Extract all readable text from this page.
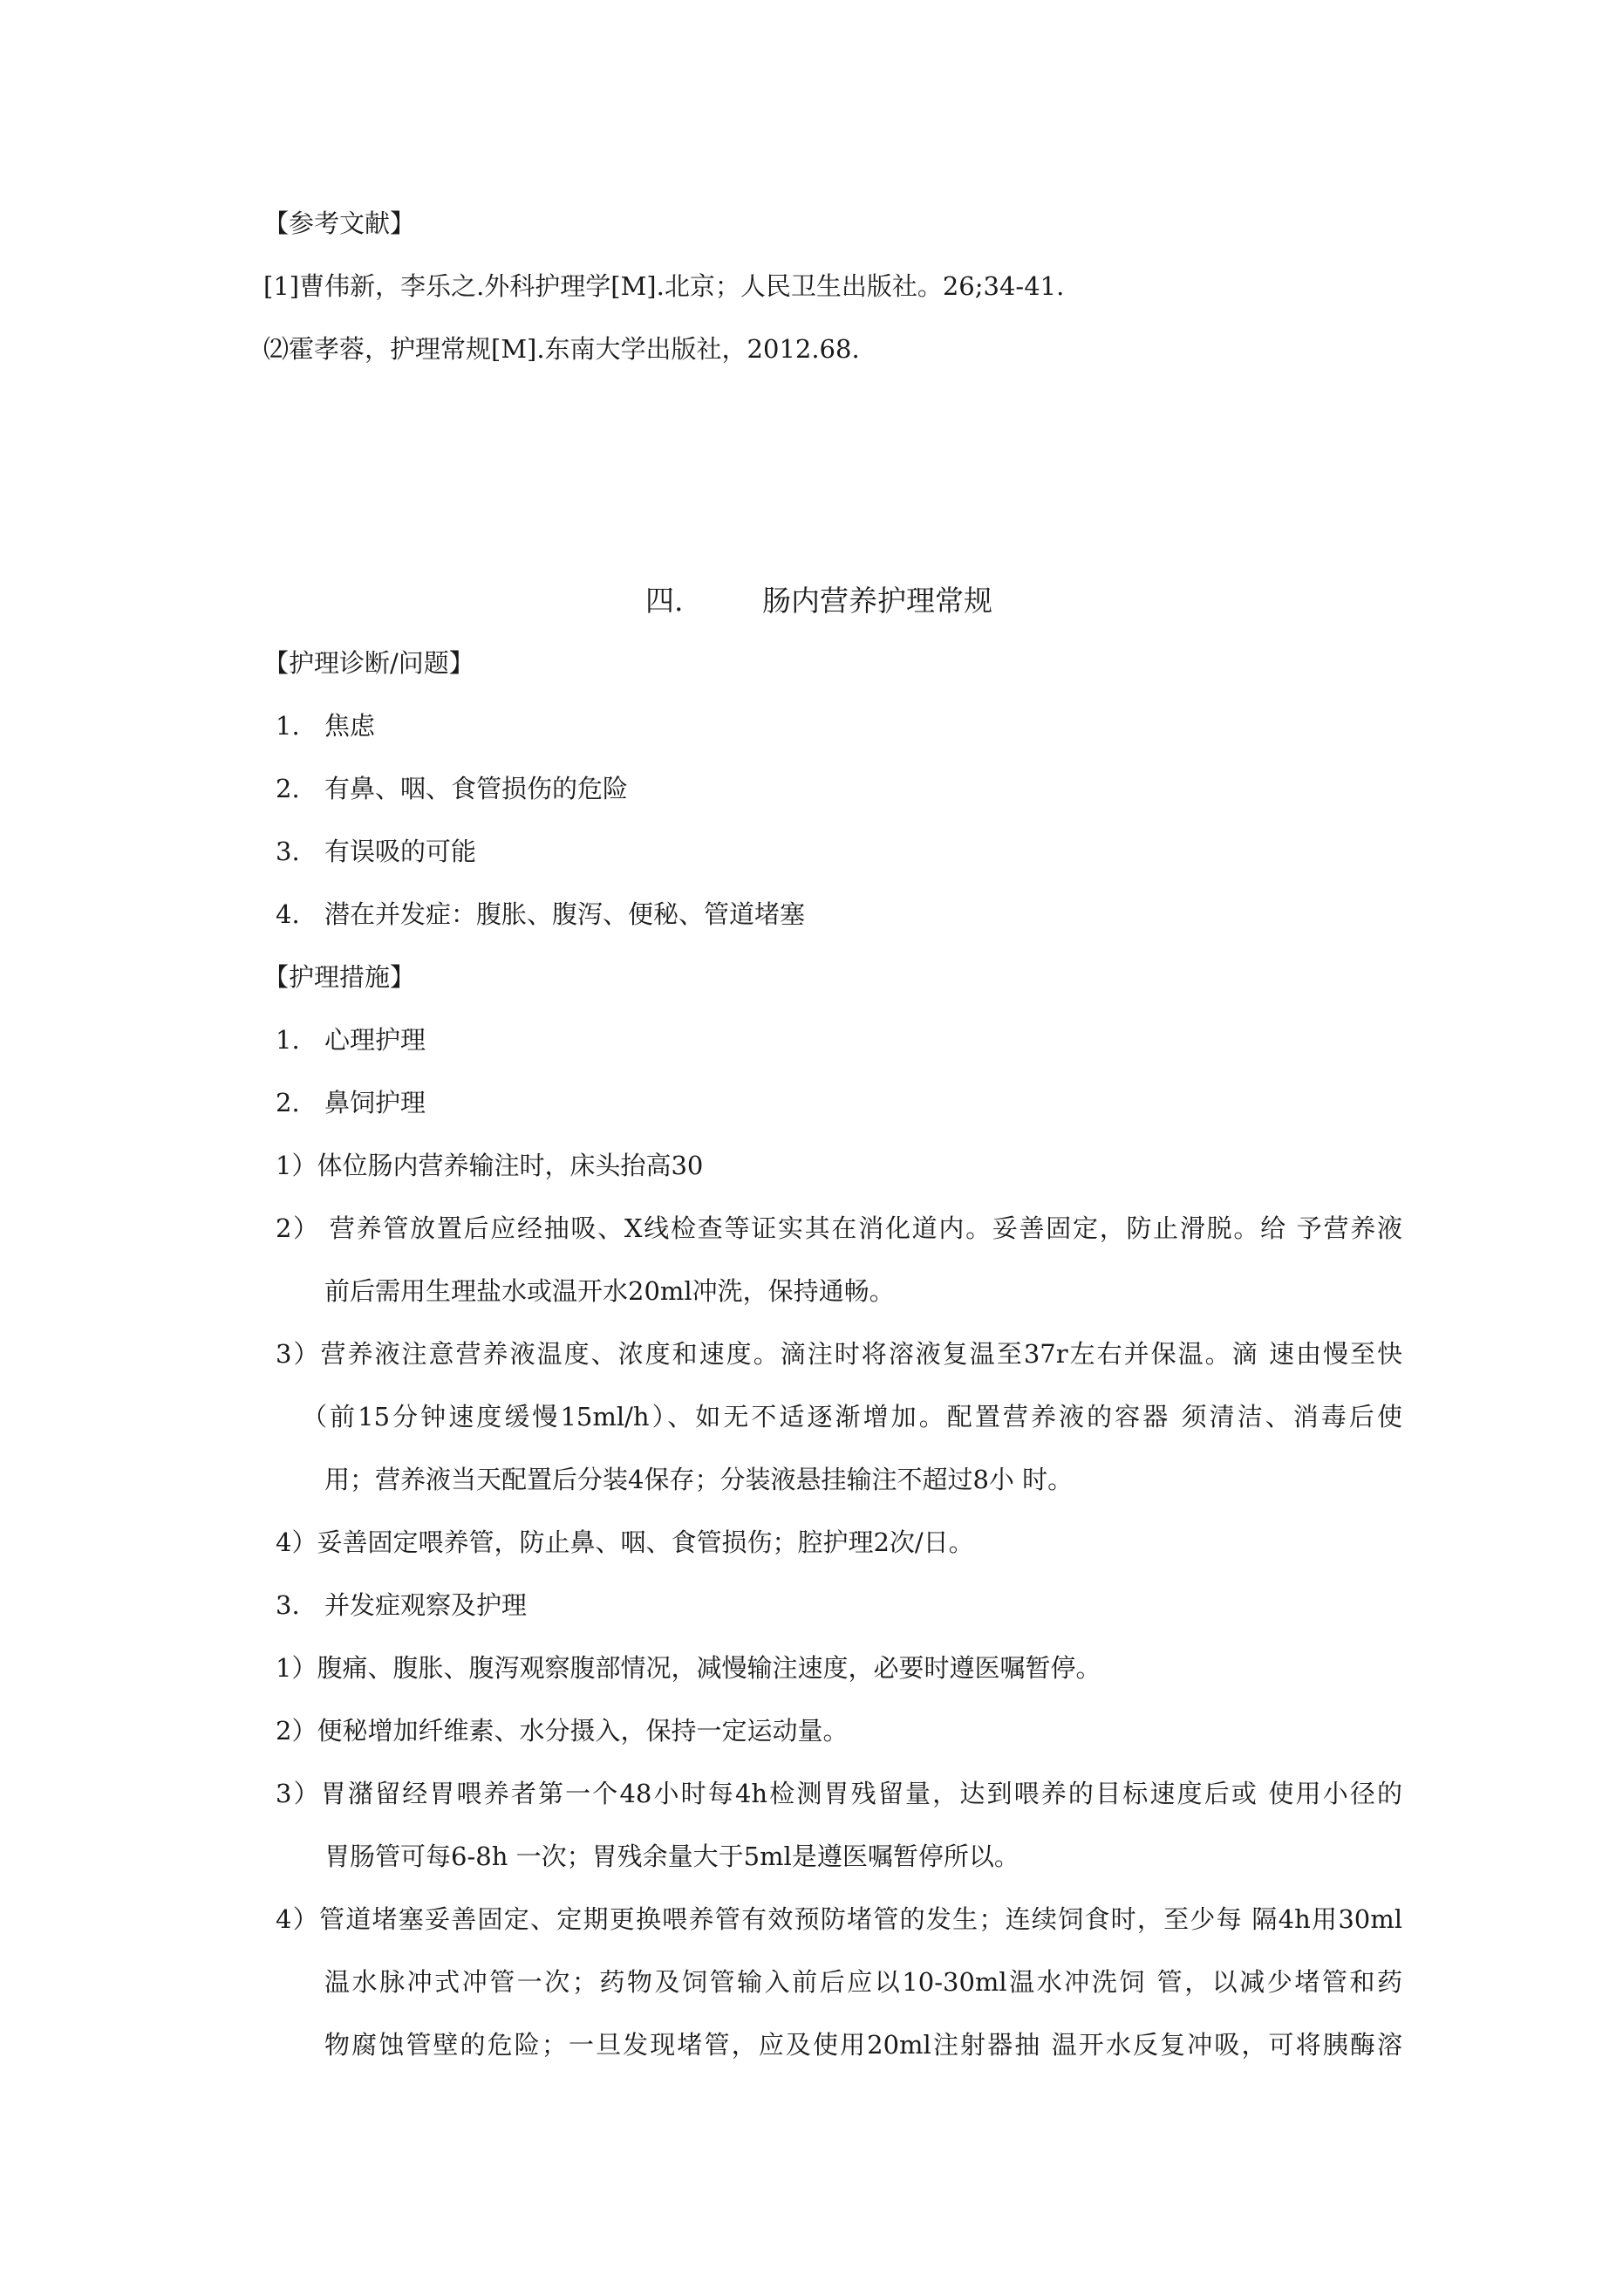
【参考文献】
[1]曹伟新，李乐之.外科护理学[M].北京；人民卫生出版社。26;34-41.
⑵霍孝蓉，护理常规[M].东南大学出版社，2012.68.
四.	肠内营养护理常规
【护理诊断/问题】
1. 焦虑
2. 有鼻、咽、食管损伤的危险
3. 有误吸的可能
4. 潜在并发症：腹胀、腹泻、便秘、管道堵塞
【护理措施】
1. 心理护理
2. 鼻饲护理
1）体位肠内营养输注时，床头抬高30
2） 营养管放置后应经抽吸、X线检查等证实其在消化道内。妥善固定，防止滑脱。给 予营养液
前后需用生理盐水或温开水20ml冲洗，保持通畅。
3）营养液注意营养液温度、浓度和速度。滴注时将溶液复温至37r左右并保温。滴 速由慢至快
（前15分钟速度缓慢15ml/h）、如无不适逐渐增加。配置营养液的容器 须清洁、消毒后使
用；营养液当天配置后分装4保存；分装液悬挂输注不超过8小 时。
4）妥善固定喂养管，防止鼻、咽、食管损伤；腔护理2次/日。
3. 并发症观察及护理
1）腹痛、腹胀、腹泻观察腹部情况，减慢输注速度，必要时遵医嘱暂停。
2）便秘增加纤维素、水分摄入，保持一定运动量。
3）胃潴留经胃喂养者第一个48小时每4h检测胃残留量，达到喂养的目标速度后或 使用小径的
胃肠管可每6-8h 一次；胃残余量大于5ml是遵医嘱暂停所以。
4）管道堵塞妥善固定、定期更换喂养管有效预防堵管的发生；连续饲食时，至少每 隔4h用30ml
温水脉冲式冲管一次；药物及饲管输入前后应以10-30ml温水冲洗饲 管，以减少堵管和药
物腐蚀管壁的危险；一旦发现堵管，应及使用20ml注射器抽 温开水反复冲吸，可将胰酶溶
